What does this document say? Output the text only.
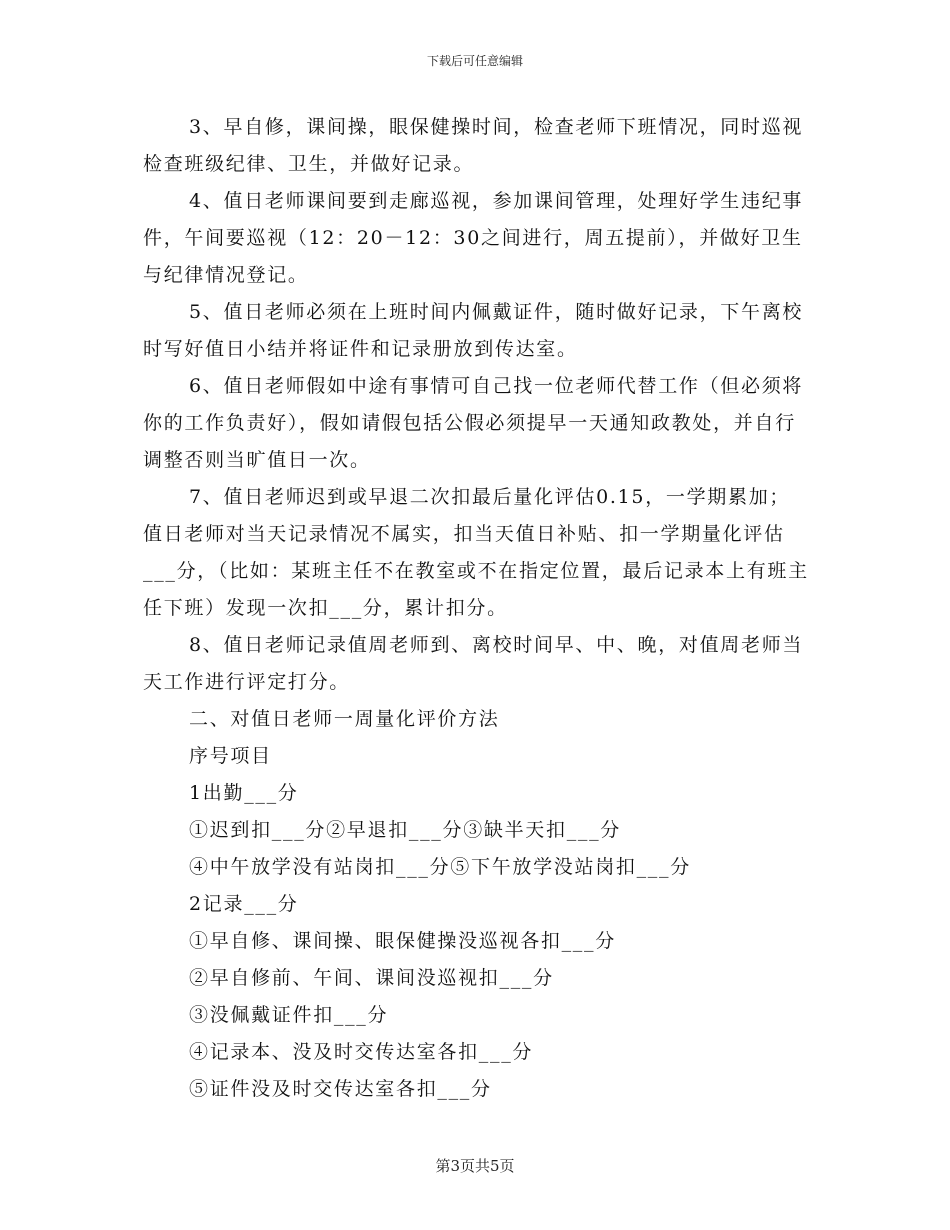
下载后可任意编辑

3、早自修，课间操，眼保健操时间，检查老师下班情况，同时巡视检查班级纪律、卫生，并做好记录。

4、值日老师课间要到走廊巡视，参加课间管理，处理好学生违纪事件，午间要巡视（12：20－12：30之间进行，周五提前），并做好卫生与纪律情况登记。

5、值日老师必须在上班时间内佩戴证件，随时做好记录，下午离校时写好值日小结并将证件和记录册放到传达室。

6、值日老师假如中途有事情可自己找一位老师代替工作（但必须将你的工作负责好），假如请假包括公假必须提早一天通知政教处，并自行调整否则当旷值日一次。

7、值日老师迟到或早退二次扣最后量化评估0.15，一学期累加；值日老师对当天记录情况不属实，扣当天值日补贴、扣一学期量化评估___分，（比如：某班主任不在教室或不在指定位置，最后记录本上有班主任下班）发现一次扣___分，累计扣分。

8、值日老师记录值周老师到、离校时间早、中、晚，对值周老师当天工作进行评定打分。

二、对值日老师一周量化评价方法

序号项目

1出勤___分

①迟到扣___分②早退扣___分③缺半天扣___分

④中午放学没有站岗扣___分⑤下午放学没站岗扣___分

2记录___分

①早自修、课间操、眼保健操没巡视各扣___分

②早自修前、午间、课间没巡视扣___分

③没佩戴证件扣___分

④记录本、没及时交传达室各扣___分

⑤证件没及时交传达室各扣___分

第3页共5页
